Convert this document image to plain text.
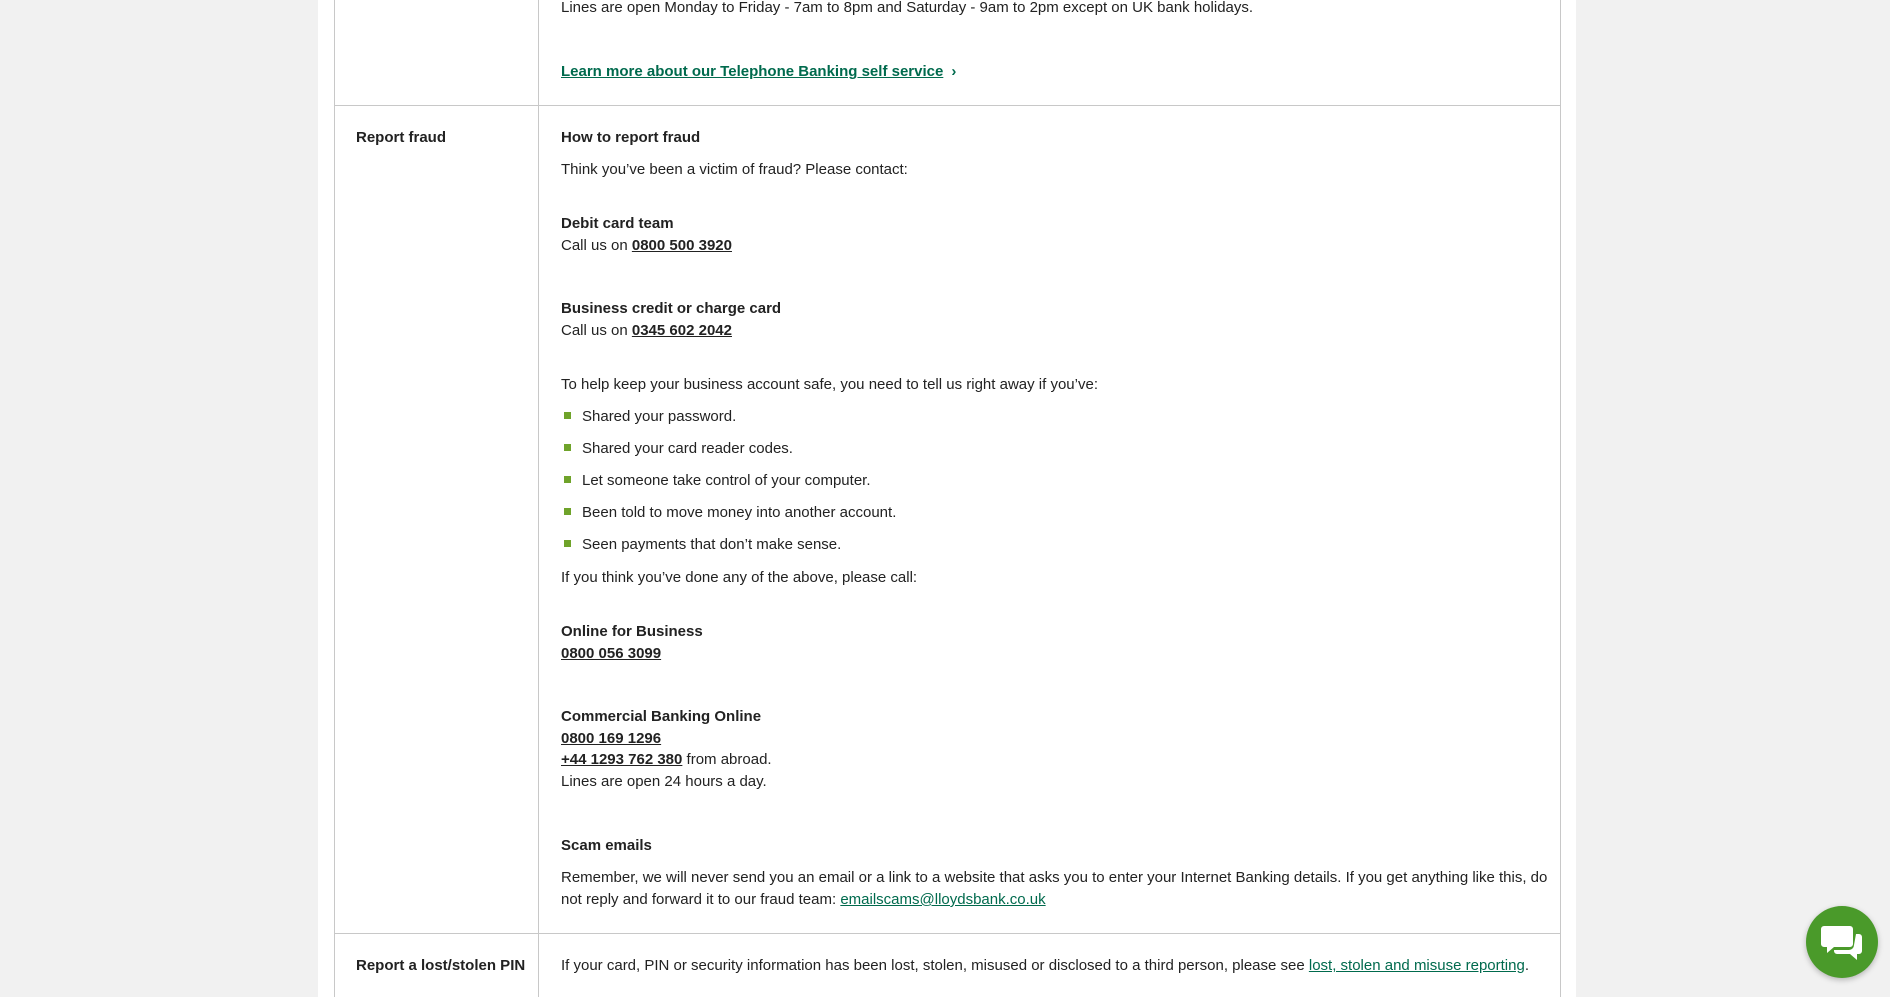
Lines are open Monday to Friday - 7am to 8pm and Saturday - 9am to 2pm except on UK bank holidays.
Learn more about our Telephone Banking self service ›
Report fraud	How to report fraud
Think you’ve been a victim of fraud? Please contact:
Debit card team
Call us on 0800 500 3920
Business credit or charge card
Call us on 0345 602 2042
To help keep your business account safe, you need to tell us right away if you’ve:
Shared your password.
Shared your card reader codes.
Let someone take control of your computer.
Been told to move money into another account.
Seen payments that don’t make sense.
If you think you’ve done any of the above, please call:
Online for Business
0800 056 3099
Commercial Banking Online
0800 169 1296
+44 1293 762 380 from abroad.
Lines are open 24 hours a day.
Scam emails
Remember, we will never send you an email or a link to a website that asks you to enter your Internet Banking details. If you get anything like this, do
not reply and forward it to our fraud team: emailscams@lloydsbank.co.uk
Report a lost/stolen PIN If your card, PIN or security information has been lost, stolen, misused or disclosed to a third person, please see lost, stolen and misuse reporting.
